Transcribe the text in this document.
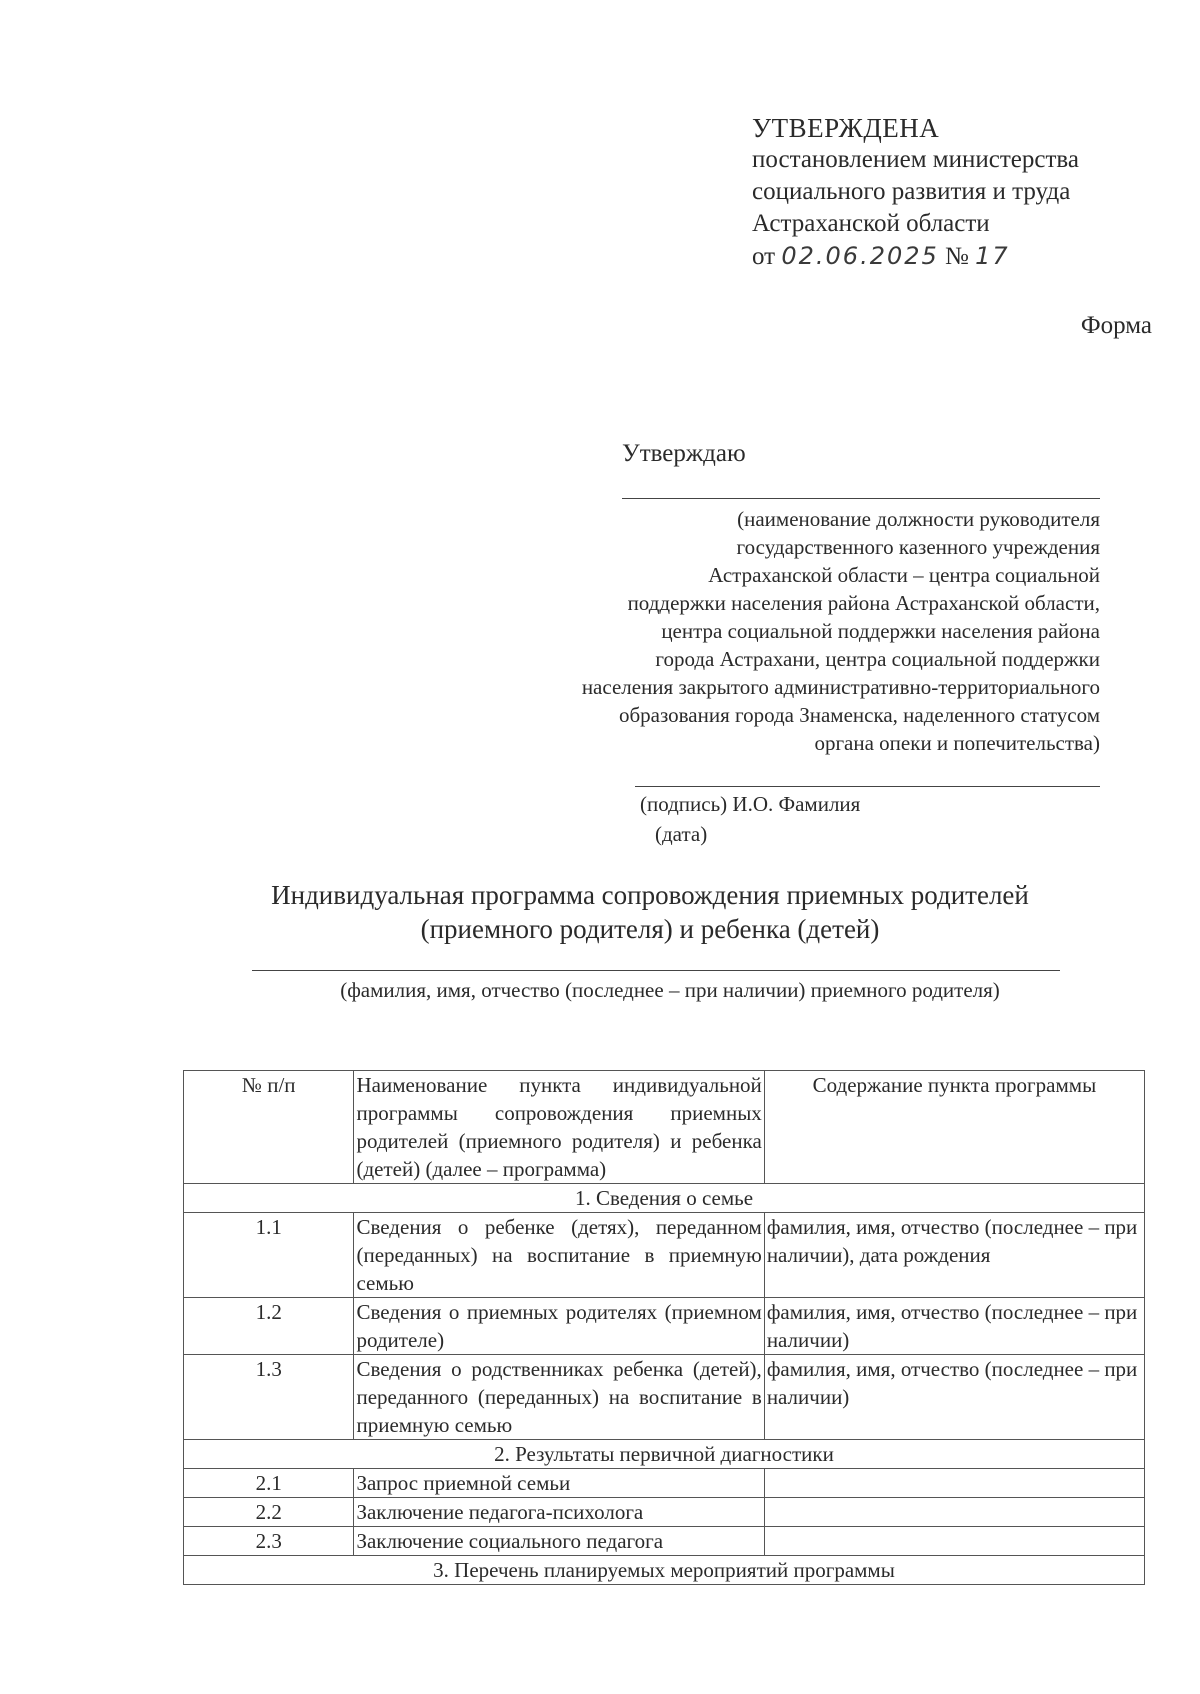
УТВЕРЖДЕНА
постановлением министерства
социального развития и труда
Астраханской области
от 02.06.2025 № 17
Форма
Утверждаю
(наименование должности руководителя
государственного казенного учреждения
Астраханской области – центра социальной
поддержки населения района Астраханской области,
центра социальной поддержки населения района
города Астрахани, центра социальной поддержки
населения закрытого административно-территориального
образования города Знаменска, наделенного статусом
органа опеки и попечительства)
(подпись) И.О. Фамилия
(дата)
Индивидуальная программа сопровождения приемных родителей
(приемного родителя) и ребенка (детей)
(фамилия, имя, отчество (последнее – при наличии) приемного родителя)
№ п/п	Наименование пункта индивидуальной программы сопровождения приемных родителей (приемного родителя) и ребенка (детей) (далее – программа)	Содержание пункта программы
1. Сведения о семье		
1.1	Сведения о ребенке (детях), переданном (переданных) на воспитание в приемную семью	фамилия, имя, отчество (последнее – при наличии), дата рождения
1.2	Сведения о приемных родителях (приемном родителе)	фамилия, имя, отчество (последнее – при наличии)
1.3	Сведения о родственниках ребенка (детей), переданного (переданных) на воспитание в приемную семью	фамилия, имя, отчество (последнее – при наличии)
2. Результаты первичной диагностики		
2.1	Запрос приемной семьи	
2.2	Заключение педагога-психолога	
2.3	Заключение социального педагога	
3. Перечень планируемых мероприятий программы		
